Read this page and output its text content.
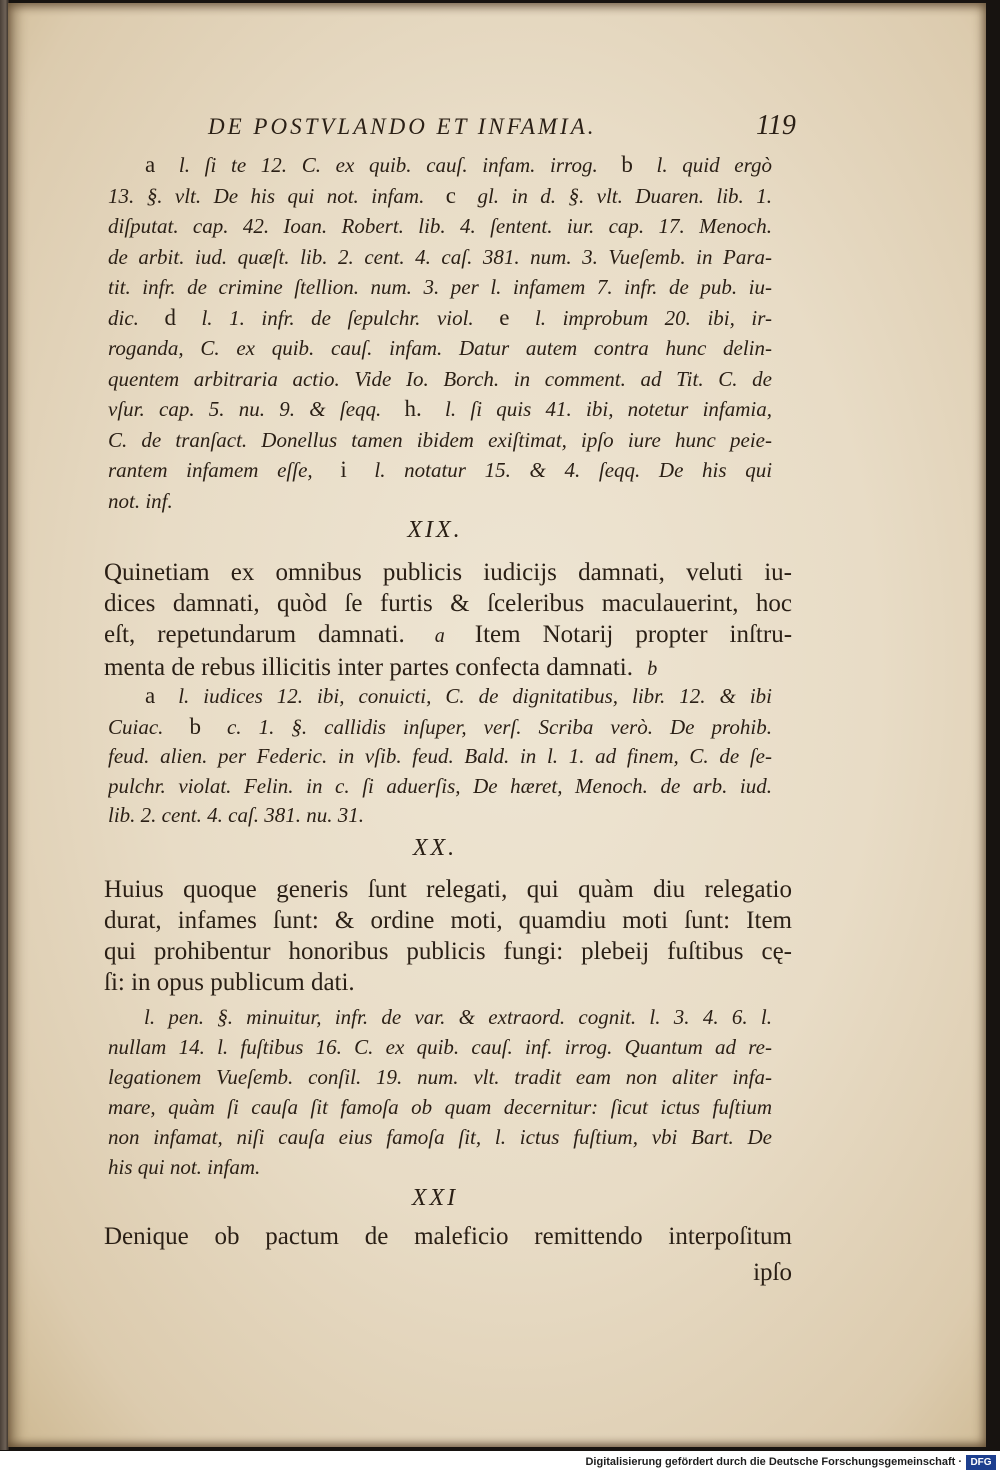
DE POSTVLANDO ET INFAMIA.	119
a l. ſi te 12. C. ex quib. cauſ. infam. irrog. b l. quid ergò
13. §. vlt. De his qui not. infam. c gl. in d. §. vlt. Duaren. lib. 1.
diſputat. cap. 42. Ioan. Robert. lib. 4. ſentent. iur. cap. 17. Menoch.
de arbit. iud. quæſt. lib. 2. cent. 4. caſ. 381. num. 3. Vueſemb. in Para-
tit. infr. de crimine ſtellion. num. 3. per l. infamem 7. infr. de pub. iu-
dic. d l. 1. infr. de ſepulchr. viol. e l. improbum 20. ibi, ir-
roganda, C. ex quib. cauſ. infam. Datur autem contra hunc delin-
quentem arbitraria actio. Vide Io. Borch. in comment. ad Tit. C. de
vſur. cap. 5. nu. 9. & ſeqq. h. l. ſi quis 41. ibi, notetur infamia,
C. de tranſact. Donellus tamen ibidem exiſtimat, ipſo iure hunc peie-
rantem infamem eſſe, i l. notatur 15. & 4. ſeqq. De his qui
not. inf.
XIX.
Quinetiam ex omnibus publicis iudicijs damnati, veluti iu-
dices damnati, quòd ſe furtis & ſceleribus maculauerint, hoc
eſt, repetundarum damnati. a Item Notarij propter inſtru-
menta de rebus illicitis inter partes confecta damnati. b
a l. iudices 12. ibi, conuicti, C. de dignitatibus, libr. 12. & ibi
Cuiac. b c. 1. §. callidis inſuper, verſ. Scriba verò. De prohib.
feud. alien. per Federic. in vſib. feud. Bald. in l. 1. ad finem, C. de ſe-
pulchr. violat. Felin. in c. ſi aduerſis, De hæret, Menoch. de arb. iud.
lib. 2. cent. 4. caſ. 381. nu. 31.
XX.
Huius quoque generis ſunt relegati, qui quàm diu relegatio
durat, infames ſunt: & ordine moti, quamdiu moti ſunt: Item
qui prohibentur honoribus publicis fungi: plebeij fuſtibus cę-
ſi: in opus publicum dati.
l. pen. §. minuitur, infr. de var. & extraord. cognit. l. 3. 4. 6. l.
nullam 14. l. fuſtibus 16. C. ex quib. cauſ. inf. irrog. Quantum ad re-
legationem Vueſemb. conſil. 19. num. vlt. tradit eam non aliter infa-
mare, quàm ſi cauſa ſit famoſa ob quam decernitur: ſicut ictus fuſtium
non infamat, niſi cauſa eius famoſa ſit, l. ictus fuſtium, vbi Bart. De
his qui not. infam.
XXI
Denique ob pactum de maleficio remittendo interpoſitum
ipſo
Digitalisierung gefördert durch die Deutsche Forschungsgemeinschaft · DFG
